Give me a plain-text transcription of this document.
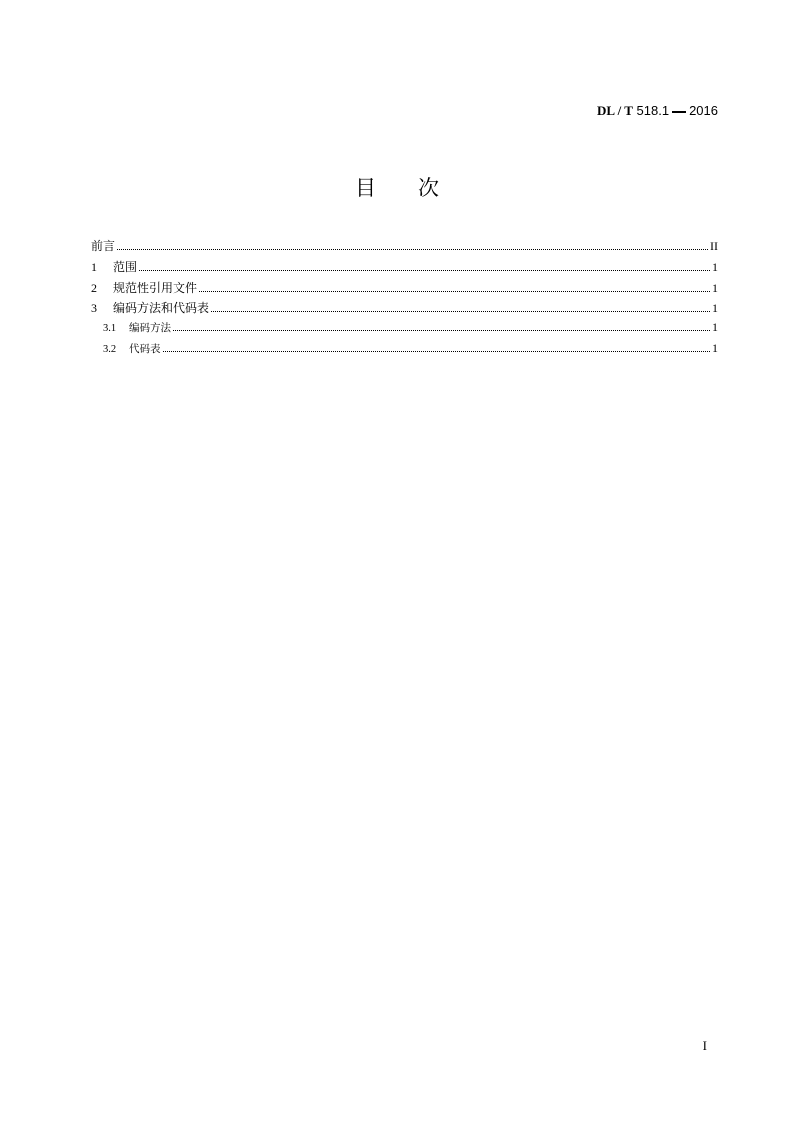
DL / T 518.1 2016
目　　次
前言	II
1	范围	1
2	规范性引用文件	1
3	编码方法和代码表	1
3.1	编码方法	1
3.2	代码表	1
I
